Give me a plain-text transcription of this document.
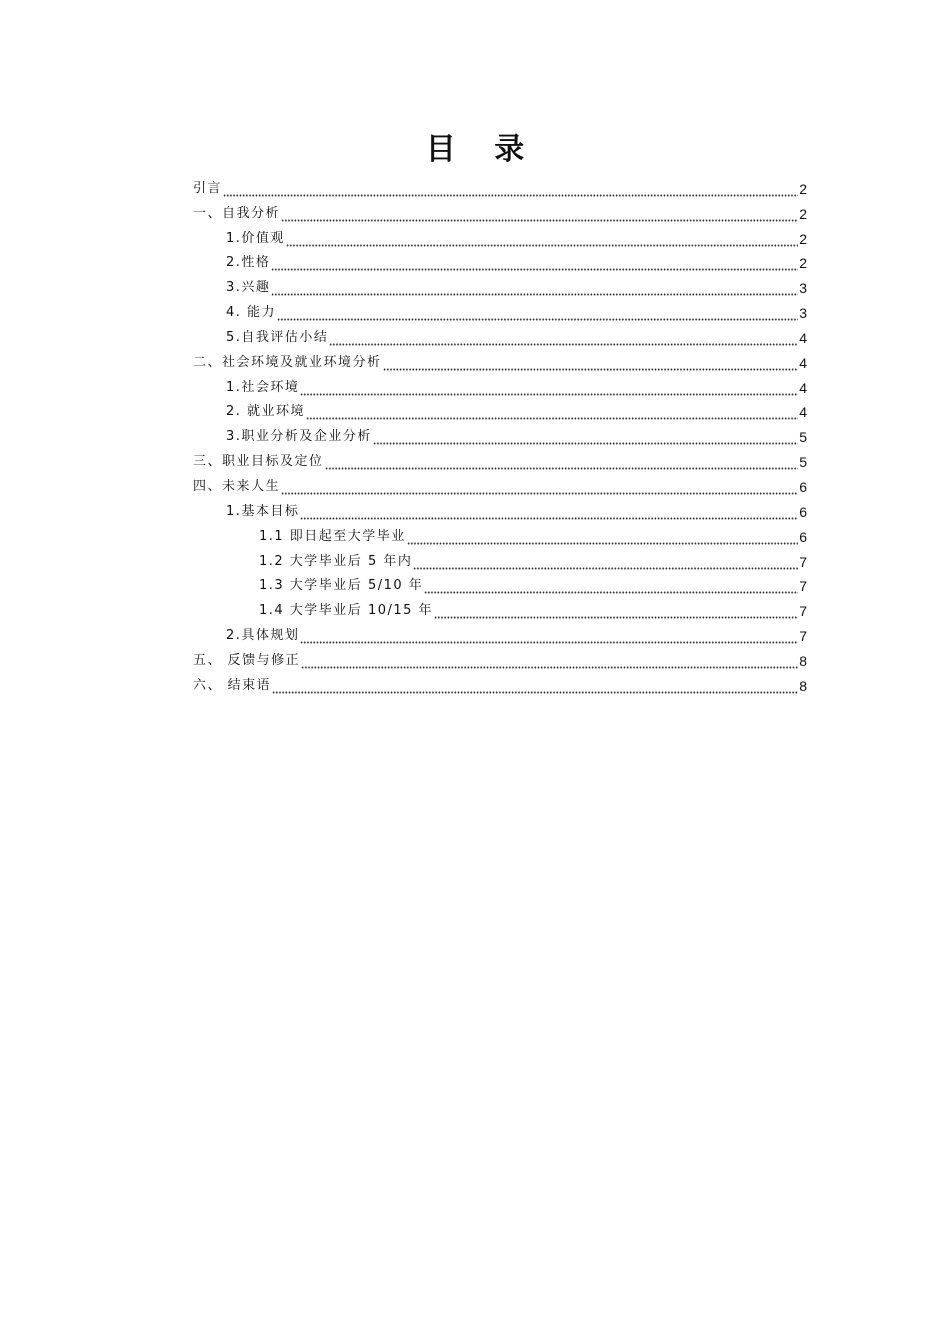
目 录
引言	2
一、自我分析	2
1.价值观	2
2.性格	2
3.兴趣	3
4. 能力	3
5.自我评估小结	4
二、社会环境及就业环境分析	4
1.社会环境	4
2. 就业环境	4
3.职业分析及企业分析	5
三、职业目标及定位	5
四、未来人生	6
1.基本目标	6
1.1 即日起至大学毕业	6
1.2 大学毕业后 5 年内	7
1.3 大学毕业后 5/10 年	7
1.4 大学毕业后 10/15 年	7
2.具体规划	7
五、 反馈与修正	8
六、 结束语	8
